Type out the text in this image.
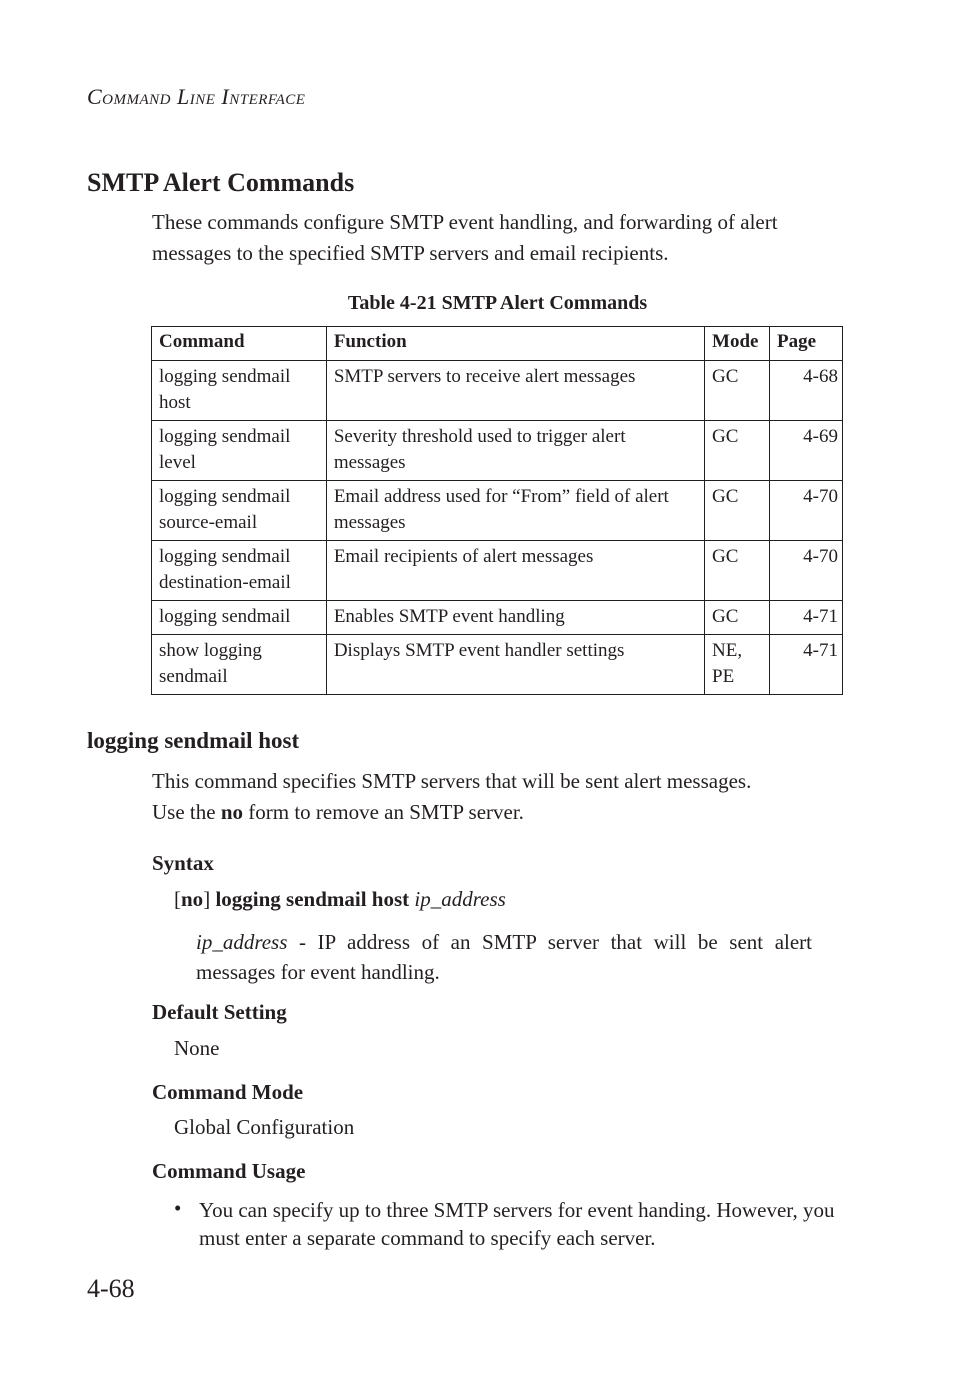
Command Line Interface
SMTP Alert Commands
These commands configure SMTP event handling, and forwarding of alert messages to the specified SMTP servers and email recipients.
Table 4-21 SMTP Alert Commands
Command	Function	Mode	Page
logging sendmail host	SMTP servers to receive alert messages	GC	4-68
logging sendmail level	Severity threshold used to trigger alert messages	GC	4-69
logging sendmail source-email	Email address used for “From” field of alert messages	GC	4-70
logging sendmail destination-email	Email recipients of alert messages	GC	4-70
logging sendmail	Enables SMTP event handling	GC	4-71
show logging sendmail	Displays SMTP event handler settings	NE, PE	4-71
logging sendmail host
This command specifies SMTP servers that will be sent alert messages.
Use the no form to remove an SMTP server.
Syntax
[no] logging sendmail host ip_address
ip_address - IP address of an SMTP server that will be sent alert messages for event handling.
Default Setting
None
Command Mode
Global Configuration
Command Usage
• You can specify up to three SMTP servers for event handing. However, you must enter a separate command to specify each server.
4-68
